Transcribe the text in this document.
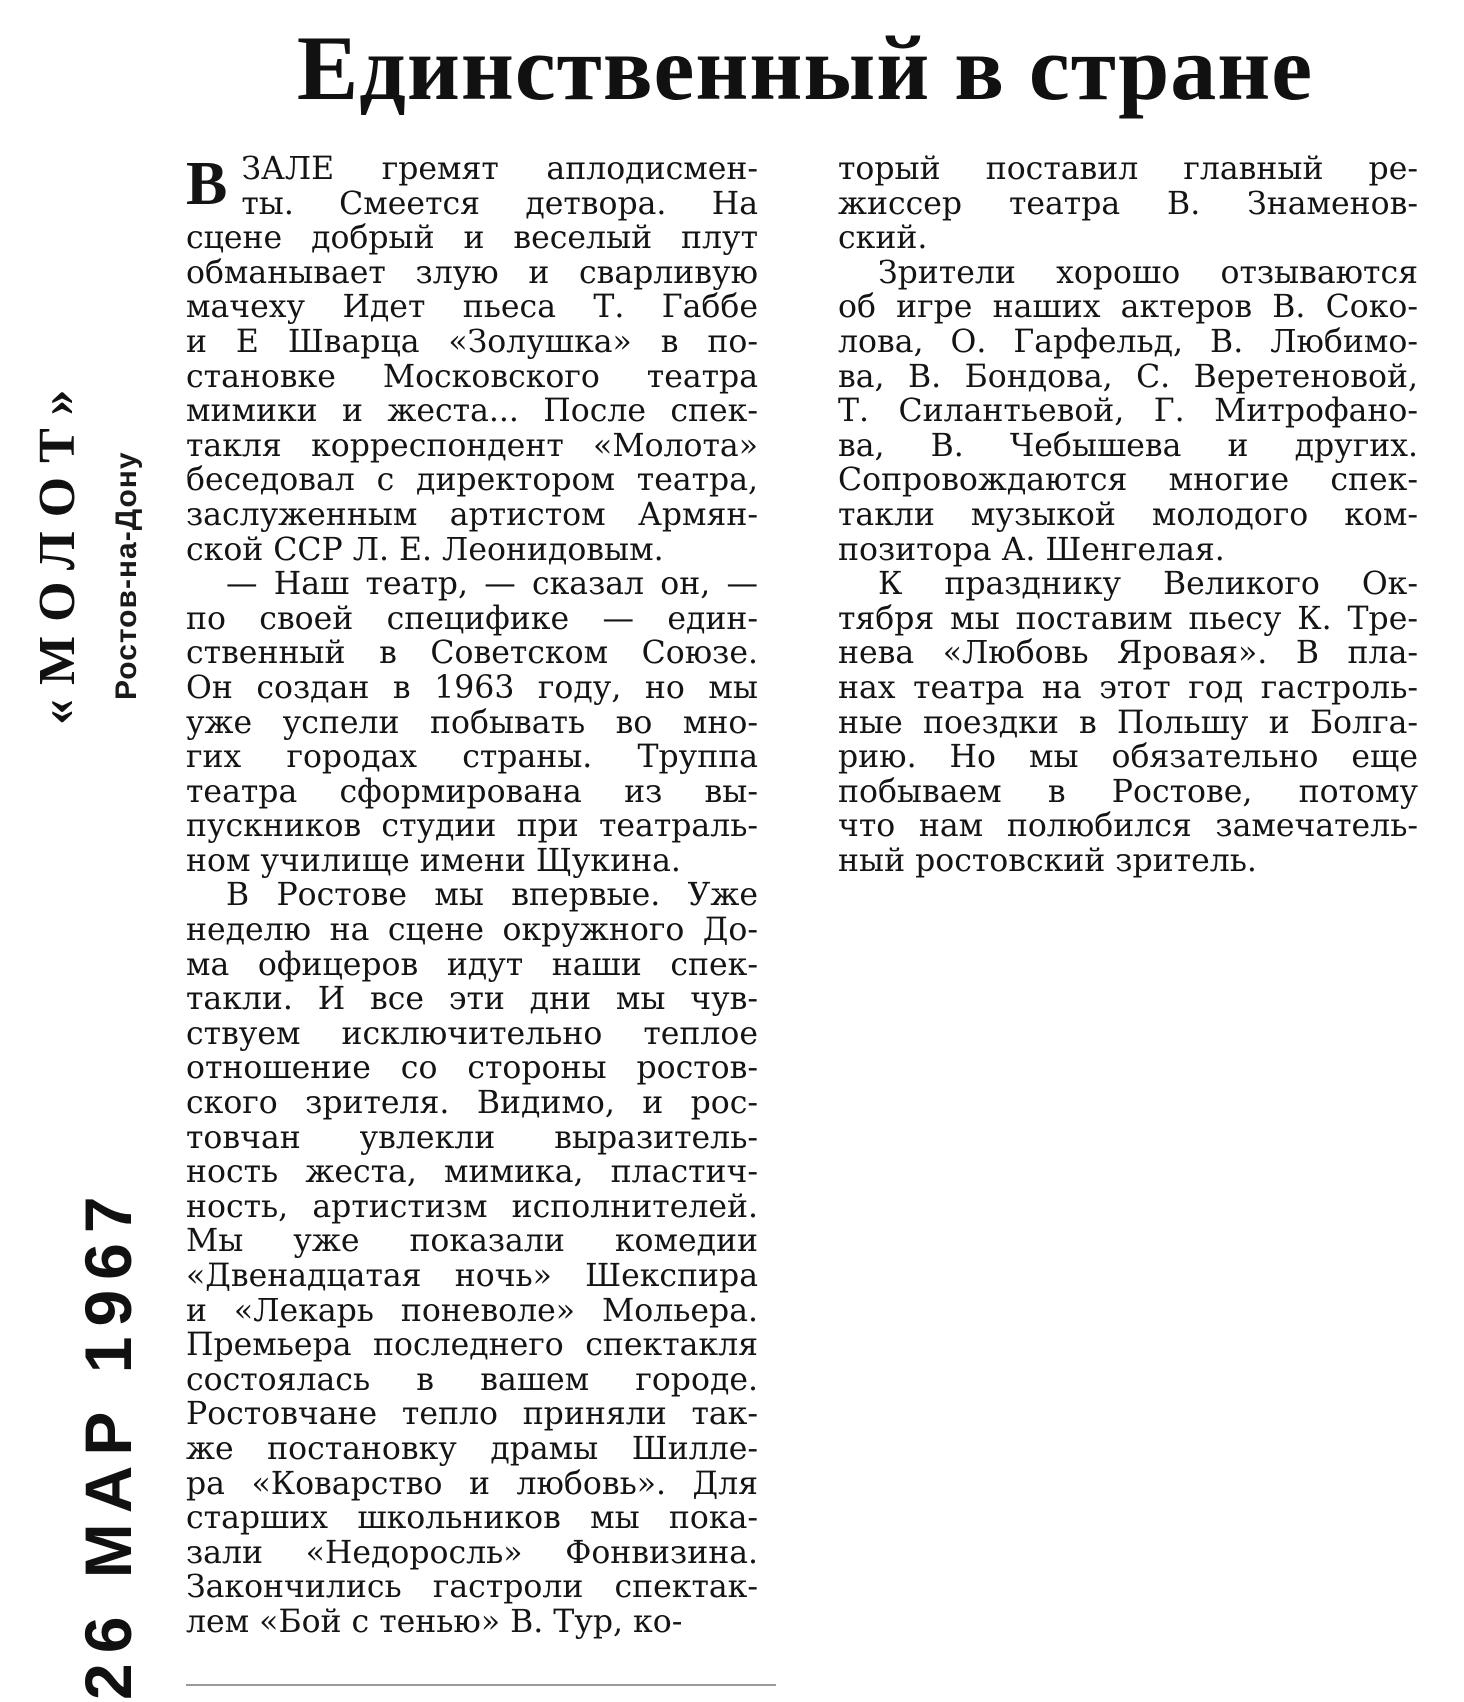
Единственный в стране
«МОЛОТ» Ростов-на-Дону
26 МАР 1967
В ЗАЛЕ гремят аплодисмен-
ты. Смеется детвора. На
сцене добрый и веселый плут
обманывает злую и сварливую
мачеху Идет пьеса Т. Габбе
и Е Шварца «Золушка» в по-
становке Московского театра
мимики и жеста... После спек-
такля корреспондент «Молота»
беседовал с директором театра,
заслуженным артистом Армян-
ской ССР Л. Е. Леонидовым.
— Наш театр, — сказал он, —
по своей специфике — един-
ственный в Советском Союзе.
Он создан в 1963 году, но мы
уже успели побывать во мно-
гих городах страны. Труппа
театра сформирована из вы-
пускников студии при театраль-
ном училище имени Щукина.
В Ростове мы впервые. Уже
неделю на сцене окружного До-
ма офицеров идут наши спек-
такли. И все эти дни мы чув-
ствуем исключительно теплое
отношение со стороны ростов-
ского зрителя. Видимо, и рос-
товчан увлекли выразитель-
ность жеста, мимика, пластич-
ность, артистизм исполнителей.
Мы уже показали комедии
«Двенадцатая ночь» Шекспира
и «Лекарь поневоле» Мольера.
Премьера последнего спектакля
состоялась в вашем городе.
Ростовчане тепло приняли так-
же постановку драмы Шилле-
ра «Коварство и любовь». Для
старших школьников мы пока-
зали «Недоросль» Фонвизина.
Закончились гастроли спектак-
лем «Бой с тенью» В. Тур, ко-
торый поставил главный ре-
жиссер театра В. Знаменов-
ский.
Зрители хорошо отзываются
об игре наших актеров В. Соко-
лова, О. Гарфельд, В. Любимо-
ва, В. Бондова, С. Веретеновой,
Т. Силантьевой, Г. Митрофано-
ва, В. Чебышева и других.
Сопровождаются многие спек-
такли музыкой молодого ком-
позитора А. Шенгелая.
К празднику Великого Ок-
тября мы поставим пьесу К. Тре-
нева «Любовь Яровая». В пла-
нах театра на этот год гастроль-
ные поездки в Польшу и Болга-
рию. Но мы обязательно еще
побываем в Ростове, потому
что нам полюбился замечатель-
ный ростовский зритель.
